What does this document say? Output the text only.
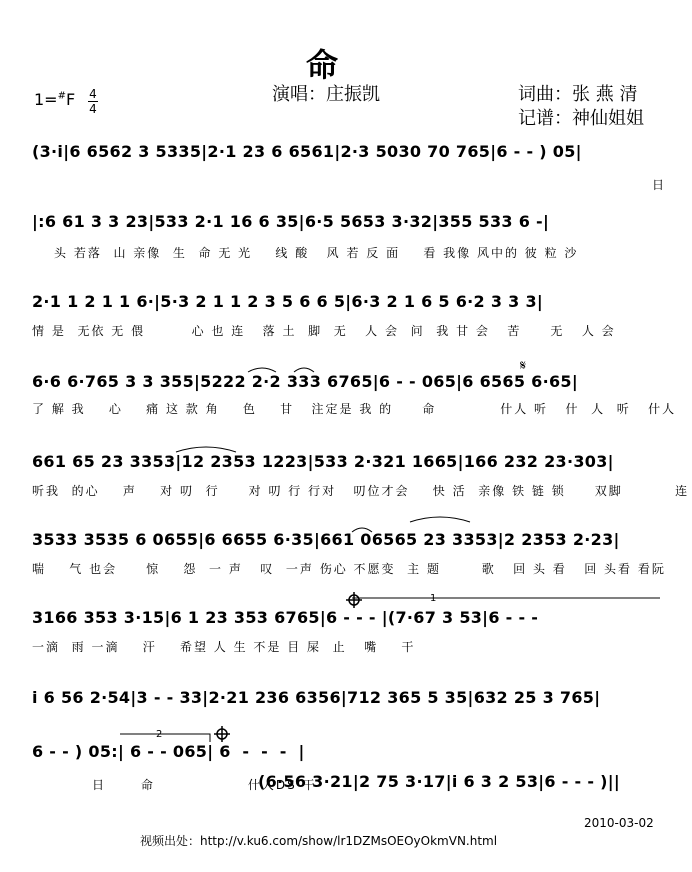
命
演唱：庄振凯	词曲：张 燕 清
记谱：神仙姐姐
1=#F 4
4
(3·i|6 6562 3 5335|2·1 23 6 6561|2·3 5030 70 765|6 - - ) 05|
日
|:6 61 3 3 23|533 2·1 16 6 35|6·5 5653 3·32|355 533 6 -|
头 若落  山 亲像  生  命 无 光    线 酸   风 若 反 面    看 我像 风中的 彼 粒 沙
2·1 1 2 1 1 6·|5·3 2 1 1 2 3 5 6 6 5|6·3 2 1 6 5 6·2 3 3 3|
情 是  无依 无 偎        心 也 连   落 土  脚  无   人 会  问  我 甘 会   苦     无   人 会
6·6 6·765 3 3 355|5222 2·2 333 6765|6 - - 065|6 6565 6·65|
了 解 我    心    痛 这 款 角    色    甘   注定是 我 的     命           什人 听   什  人  听   什人
661 65 23 3353|12 2353 1223|533 2·321 1665|166 232 23·303|
听我  的心    声    对 叨  行     对 叨 行 行对   叨位才会    快 活  亲像 铁 链 锁     双脚         连
3533 3535 6 0655|6 6655 6·35|661 06565 23 3353|2 2353 2·23|
喘    气 也会     惊    怨  一 声   叹  一声 伤心 不愿变  主 题       歌   回 头 看   回 头看 看阮
3166 353 3·15|6 1 23 353 6765|6 - - - |(7·67 3 53|6 - - -
一滴  雨 一滴    汗    希望 人 生 不是 目 屎  止   嘴    干
i 6 56 2·54|3 - - 33|2·21 236 6356|712 365 5 35|632 25 3 765|
6 - - ) 05:| 6 - - 065| 6  -  -  -  |
日      命                什人DS 干
(6·56 3·21|2 75 3·17|i 6 3 2 53|6 - - - )||
1
2
𝄋
视频出处：http://v.ku6.com/show/lr1DZMsOEOyOkmVN.html
2010-03-02
